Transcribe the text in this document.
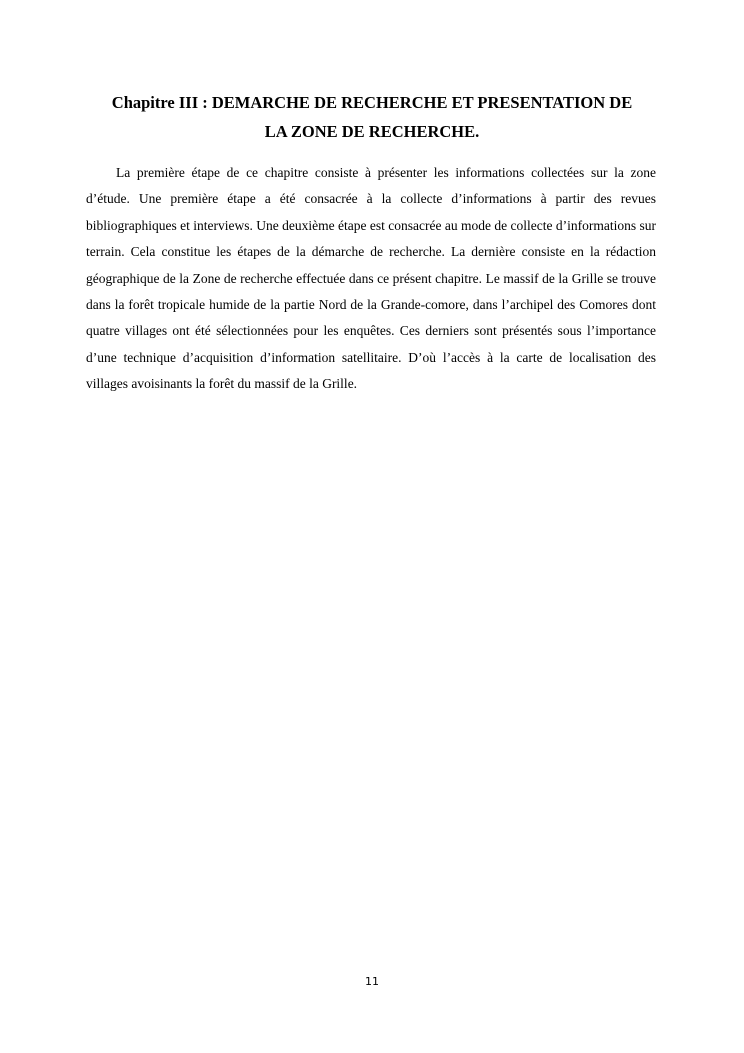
Chapitre III : DEMARCHE DE RECHERCHE ET PRESENTATION DE
LA ZONE DE RECHERCHE.

La première étape de ce chapitre consiste à présenter les informations collectées sur la zone d’étude. Une première étape a été consacrée à la collecte d’informations à partir des revues bibliographiques et interviews. Une deuxième étape est consacrée au mode de collecte d’informations sur terrain. Cela constitue les étapes de la démarche de recherche. La dernière consiste en la rédaction géographique de la Zone de recherche effectuée dans ce présent chapitre. Le massif de la Grille se trouve dans la forêt tropicale humide de la partie Nord de la Grande-comore, dans l’archipel des Comores dont quatre villages ont été sélectionnées pour les enquêtes. Ces derniers sont présentés sous l’importance d’une technique d’acquisition d’information satellitaire. D’où l’accès à la carte de localisation des villages avoisinants la forêt du massif de la Grille.

11
